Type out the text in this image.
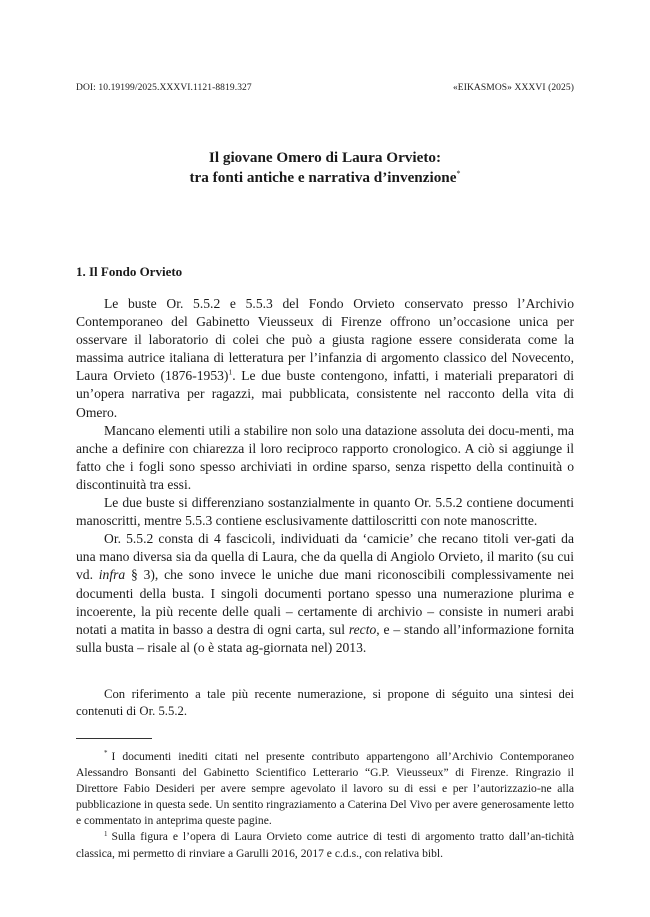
DOI: 10.19199/2025.XXXVI.1121-8819.327	«EIKASMOS» XXXVI (2025)
Il giovane Omero di Laura Orvieto:
tra fonti antiche e narrativa d’invenzione*
1. Il Fondo Orvieto

Le buste Or. 5.5.2 e 5.5.3 del Fondo Orvieto conservato presso l’Archivio Contemporaneo del Gabinetto Vieusseux di Firenze offrono un’occasione unica per osservare il laboratorio di colei che può a giusta ragione essere considerata come la massima autrice italiana di letteratura per l’infanzia di argomento classico del Novecento, Laura Orvieto (1876-1953)$^1$. Le due buste contengono, infatti, i materiali preparatori di un’opera narrativa per ragazzi, mai pubblicata, consistente nel racconto della vita di Omero.

Mancano elementi utili a stabilire non solo una datazione assoluta dei docu-menti, ma anche a definire con chiarezza il loro reciproco rapporto cronologico. A ciò si aggiunge il fatto che i fogli sono spesso archiviati in ordine sparso, senza rispetto della continuità o discontinuità tra essi.

Le due buste si differenziano sostanzialmente in quanto Or. 5.5.2 contiene documenti manoscritti, mentre 5.5.3 contiene esclusivamente dattiloscritti con note manoscritte.

Or. 5.5.2 consta di 4 fascicoli, individuati da ‘camicie’ che recano titoli ver-gati da una mano diversa sia da quella di Laura, che da quella di Angiolo Orvieto, il marito (su cui vd. infra § 3), che sono invece le uniche due mani riconoscibili complessivamente nei documenti della busta. I singoli documenti portano spesso una numerazione plurima e incoerente, la più recente delle quali – certamente di archivio – consiste in numeri arabi notati a matita in basso a destra di ogni carta, sul recto, e – stando all’informazione fornita sulla busta – risale al (o è stata ag-giornata nel) 2013.

Con riferimento a tale più recente numerazione, si propone di séguito una sintesi dei contenuti di Or. 5.5.2.

* I documenti inediti citati nel presente contributo appartengono all’Archivio Contemporaneo Alessandro Bonsanti del Gabinetto Scientifico Letterario “G.P. Vieusseux” di Firenze. Ringrazio il Direttore Fabio Desideri per avere sempre agevolato il lavoro su di essi e per l’autorizzazio-ne alla pubblicazione in questa sede. Un sentito ringraziamento a Caterina Del Vivo per avere generosamente letto e commentato in anteprima queste pagine.

$^1$ Sulla figura e l’opera di Laura Orvieto come autrice di testi di argomento tratto dall’an-tichità classica, mi permetto di rinviare a Garulli 2016, 2017 e c.d.s., con relativa bibl.
